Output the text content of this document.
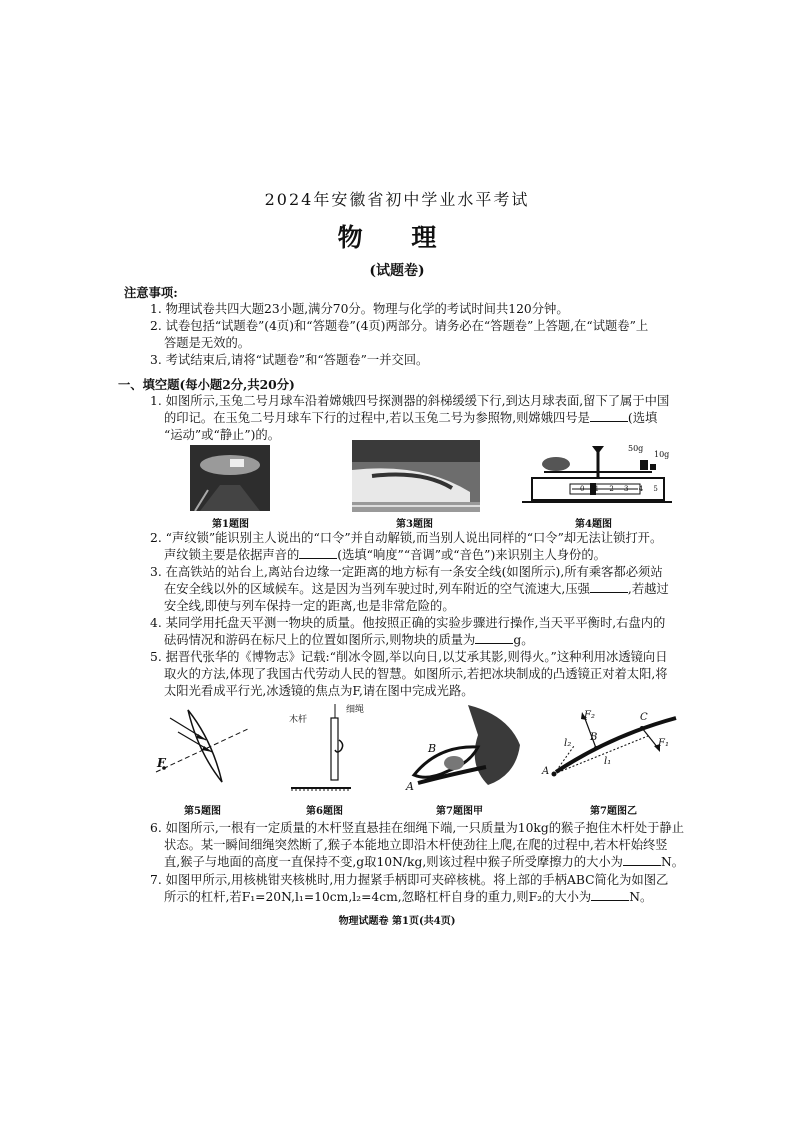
2024年安徽省初中学业水平考试
物 理
(试题卷)
注意事项:
1. 物理试卷共四大题23小题,满分70分。物理与化学的考试时间共120分钟。
2. 试卷包括“试题卷”(4页)和“答题卷”(4页)两部分。请务必在“答题卷”上答题,在“试题卷”上
答题是无效的。
3. 考试结束后,请将“试题卷”和“答题卷”一并交回。
一、填空题(每小题2分,共20分)
1. 如图所示,玉兔二号月球车沿着嫦娥四号探测器的斜梯缓缓下行,到达月球表面,留下了属于中国
的印记。在玉兔二号月球车下行的过程中,若以玉兔二号为参照物,则嫦娥四号是	(选填
“运动”或“静止”)的。
第1题图	第3题图
50g
10g
0 1 2 3 4 5
第4题图
2. “声纹锁”能识别主人说出的“口令”并自动解锁,而当别人说出同样的“口令”却无法让锁打开。
声纹锁主要是依据声音的	(选填“响度”“音调”或“音色”)来识别主人身份的。
3. 在高铁站的站台上,离站台边缘一定距离的地方标有一条安全线(如图所示),所有乘客都必须站
在安全线以外的区域候车。这是因为当列车驶过时,列车附近的空气流速大,压强	,若越过
安全线,即使与列车保持一定的距离,也是非常危险的。
4. 某同学用托盘天平测一物块的质量。他按照正确的实验步骤进行操作,当天平平衡时,右盘内的
砝码情况和游码在标尺上的位置如图所示,则物块的质量为	g。
5. 据晋代张华的《博物志》记载:“削冰令圆,举以向日,以艾承其影,则得火。”这种利用冰透镜向日
取火的方法,体现了我国古代劳动人民的智慧。如图所示,若把冰块制成的凸透镜正对着太阳,将
太阳光看成平行光,冰透镜的焦点为F,请在图中完成光路。
F
第5题图
木杆
细绳
第6题图
B
A
第7题图甲
F₂
l₂
B
C
F₁
l₁
A
第7题图乙
6. 如图所示,一根有一定质量的木杆竖直悬挂在细绳下端,一只质量为10kg的猴子抱住木杆处于静止
状态。某一瞬间细绳突然断了,猴子本能地立即沿木杆使劲往上爬,在爬的过程中,若木杆始终竖
直,猴子与地面的高度一直保持不变,g取10N/kg,则该过程中猴子所受摩擦力的大小为	N。
7. 如图甲所示,用核桃钳夹核桃时,用力握紧手柄即可夹碎核桃。将上部的手柄ABC简化为如图乙
所示的杠杆,若F₁=20N,l₁=10cm,l₂=4cm,忽略杠杆自身的重力,则F₂的大小为	N。
物理试题卷 第1页(共4页)
